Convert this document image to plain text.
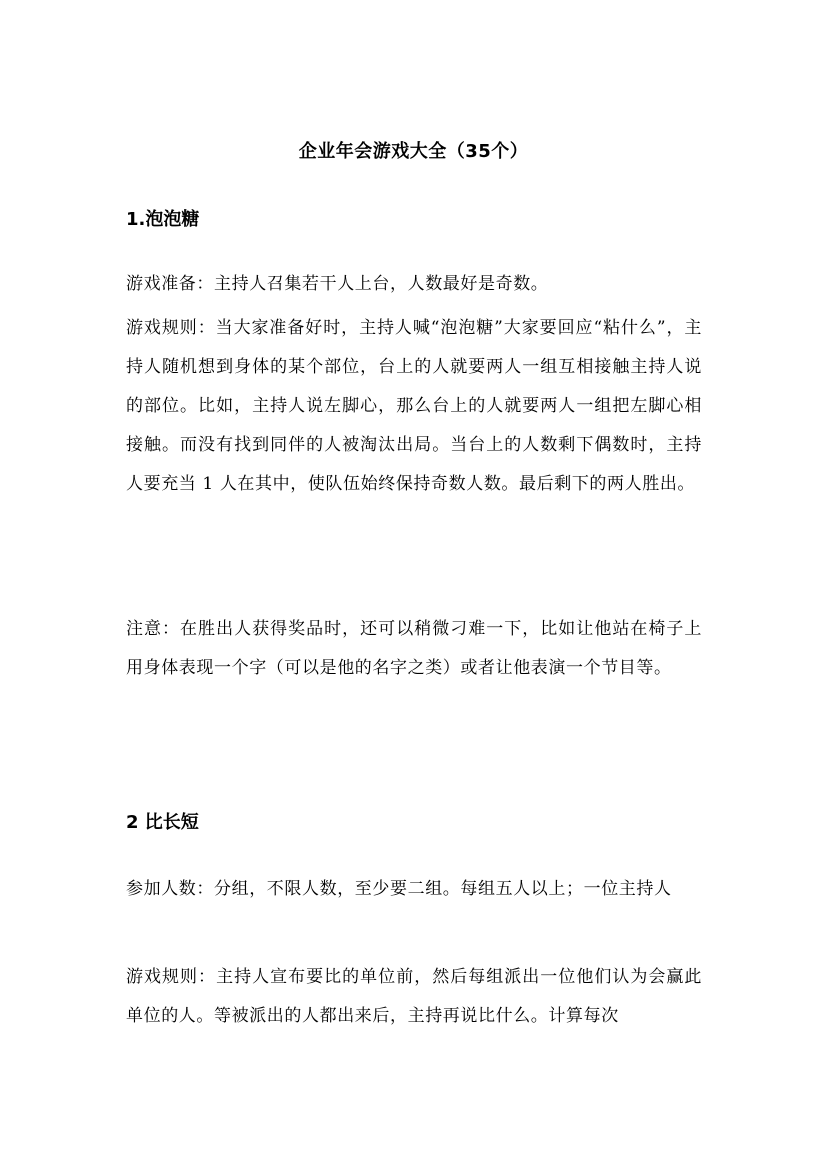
企业年会游戏大全（35个）
1.泡泡糖
游戏准备：主持人召集若干人上台，人数最好是奇数。
游戏规则：当大家准备好时，主持人喊“泡泡糖”大家要回应“粘什么”，主持人随机想到身体的某个部位，台上的人就要两人一组互相接触主持人说的部位。比如，主持人说左脚心，那么台上的人就要两人一组把左脚心相接触。而没有找到同伴的人被淘汰出局。当台上的人数剩下偶数时，主持人要充当 1 人在其中，使队伍始终保持奇数人数。最后剩下的两人胜出。
注意：在胜出人获得奖品时，还可以稍微刁难一下，比如让他站在椅子上用身体表现一个字（可以是他的名字之类）或者让他表演一个节目等。
2 比长短
参加人数：分组，不限人数，至少要二组。每组五人以上；一位主持人
游戏规则：主持人宣布要比的单位前，然后每组派出一位他们认为会赢此单位的人。等被派出的人都出来后，主持再说比什么。计算每次
